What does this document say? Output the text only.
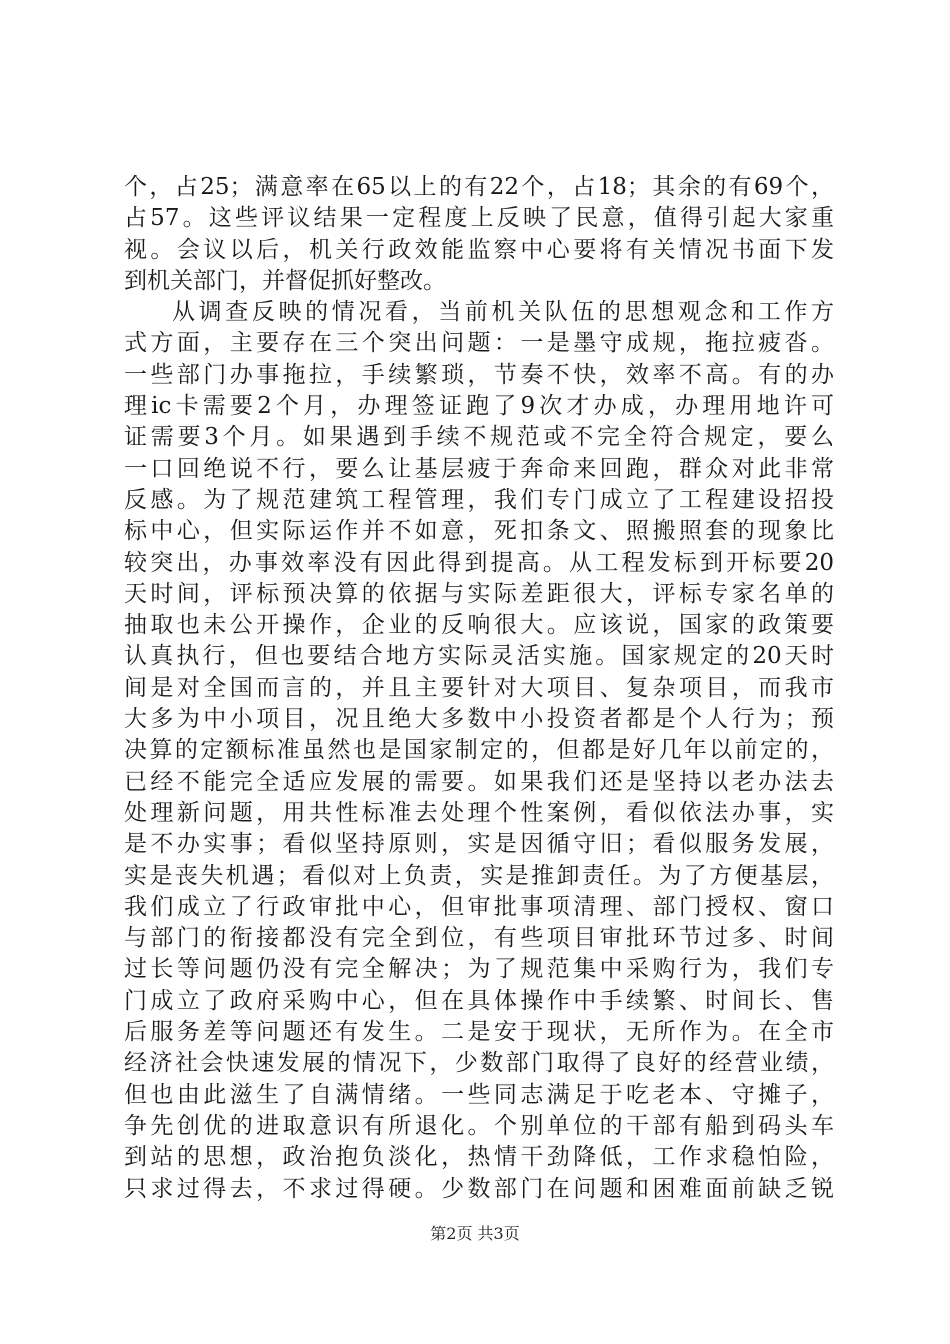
个，占25；满意率在65以上的有22个，占18；其余的有69个，
占57。这些评议结果一定程度上反映了民意，值得引起大家重
视。会议以后，机关行政效能监察中心要将有关情况书面下发
到机关部门，并督促抓好整改。
从调查反映的情况看，当前机关队伍的思想观念和工作方
式方面，主要存在三个突出问题：一是墨守成规，拖拉疲沓。
一些部门办事拖拉，手续繁琐，节奏不快，效率不高。有的办
理ic卡需要2个月，办理签证跑了9次才办成，办理用地许可
证需要3个月。如果遇到手续不规范或不完全符合规定，要么
一口回绝说不行，要么让基层疲于奔命来回跑，群众对此非常
反感。为了规范建筑工程管理，我们专门成立了工程建设招投
标中心，但实际运作并不如意，死扣条文、照搬照套的现象比
较突出，办事效率没有因此得到提高。从工程发标到开标要20
天时间，评标预决算的依据与实际差距很大，评标专家名单的
抽取也未公开操作，企业的反响很大。应该说，国家的政策要
认真执行，但也要结合地方实际灵活实施。国家规定的20天时
间是对全国而言的，并且主要针对大项目、复杂项目，而我市
大多为中小项目，况且绝大多数中小投资者都是个人行为；预
决算的定额标准虽然也是国家制定的，但都是好几年以前定的，
已经不能完全适应发展的需要。如果我们还是坚持以老办法去
处理新问题，用共性标准去处理个性案例，看似依法办事，实
是不办实事；看似坚持原则，实是因循守旧；看似服务发展，
实是丧失机遇；看似对上负责，实是推卸责任。为了方便基层，
我们成立了行政审批中心，但审批事项清理、部门授权、窗口
与部门的衔接都没有完全到位，有些项目审批环节过多、时间
过长等问题仍没有完全解决；为了规范集中采购行为，我们专
门成立了政府采购中心，但在具体操作中手续繁、时间长、售
后服务差等问题还有发生。二是安于现状，无所作为。在全市
经济社会快速发展的情况下，少数部门取得了良好的经营业绩，
但也由此滋生了自满情绪。一些同志满足于吃老本、守摊子，
争先创优的进取意识有所退化。个别单位的干部有船到码头车
到站的思想，政治抱负淡化，热情干劲降低，工作求稳怕险，
只求过得去，不求过得硬。少数部门在问题和困难面前缺乏锐
第2页 共3页
